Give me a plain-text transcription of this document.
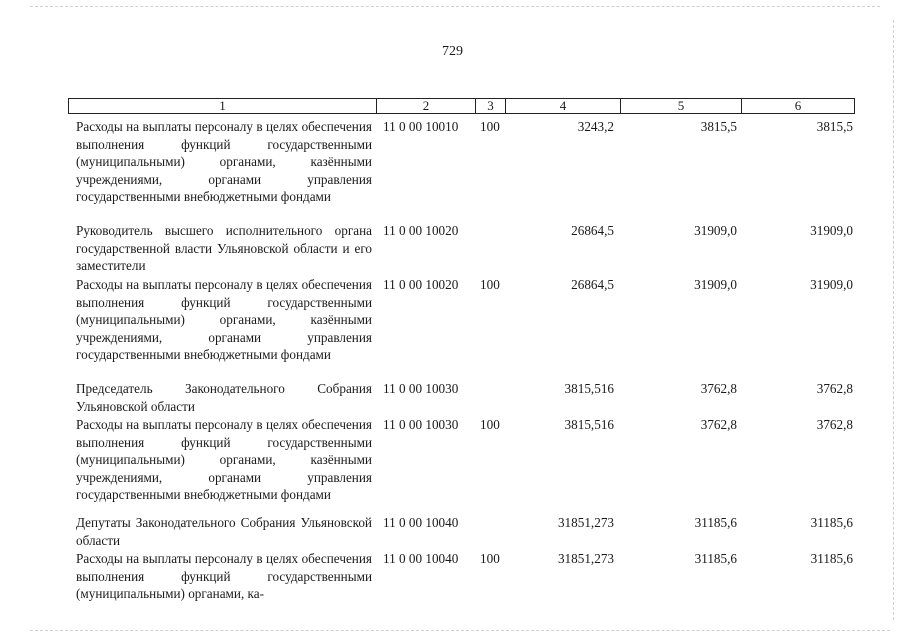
729
1	2	3	4	5	6
Расходы на выплаты персоналу в целях обеспечения выполнения функций государственными (муниципальными) органами, казёнными учреждениями, органами управления государственными внебюджетными фондами
11 0 00 10010 100	3243,2	3815,5	3815,5
Руководитель высшего исполнительного органа государственной власти Ульяновской области и его заместители
11 0 00 10020	26864,5	31909,0	31909,0
Расходы на выплаты персоналу в целях обеспечения выполнения функций государственными (муниципальными) органами, казёнными учреждениями, органами управления государственными внебюджетными фондами
11 0 00 10020 100	26864,5	31909,0	31909,0
Председатель Законодательного Собрания Ульяновской области
11 0 00 10030	3815,516	3762,8	3762,8
Расходы на выплаты персоналу в целях обеспечения выполнения функций государственными (муниципальными) органами, казёнными учреждениями, органами управления государственными внебюджетными фондами
11 0 00 10030 100	3815,516	3762,8	3762,8
Депутаты Законодательного Собрания Ульяновской области
11 0 00 10040	31851,273	31185,6	31185,6
Расходы на выплаты персоналу в целях обеспечения выполнения функций государственными (муниципальными) органами, ка-
11 0 00 10040 100	31851,273	31185,6	31185,6
